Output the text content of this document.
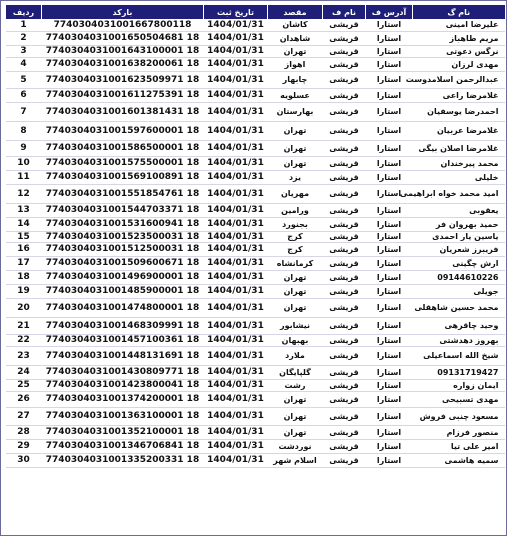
رديف	بارکد	تاریخ ثبت	مقصد	نام ف	آدرس ف	نام گ
1	7740304031001667800118	1404/01/31	کاشان	قریشی	استارا	علیرضا امینی
2	7740304031001650504681 18	1404/01/31	شاهدان	قریشی	استارا	مریم طاهباز
3	7740304031001643100001 18	1404/01/31	تهران	قریشی	استارا	نرگس دعوتی
4	7740304031001638200061 18	1404/01/31	اهواز	قریشی	استارا	مهدی لرزان
5	7740304031001623509971 18	1404/01/31	چابهار	قریشی	استارا	عبدالرحمن اسلامدوست
6	7740304031001611275391 18	1404/01/31	عسلویه	قریشی	استارا	غلامرضا راعی
7	7740304031001601381431 18	1404/01/31	بهارستان	قریشی	استارا	احمدرضا یوسفیان
8	7740304031001597600001 18	1404/01/31	تهران	قریشی	استارا	غلامرضا عربیان
9	7740304031001586500001 18	1404/01/31	تهران	قریشی	استارا	غلامرضا اصلان بیگی
10	7740304031001575500001 18	1404/01/31	تهران	قریشی	استارا	محمد پیرخندان
11	7740304031001569100891 18	1404/01/31	یزد	قریشی	استارا	خلیلی
12	7740304031001551854761 18	1404/01/31	مهریان	قریشی	استارا	امید محمد خواه ابراهیمی
13	7740304031001544703371 18	1404/01/31	ورامین	قریشی	استارا	یعقوبی
14	7740304031001531600941 18	1404/01/31	بجنورد	قریشی	استارا	حمید بهروان فر
15	7740304031001523500031 18	1404/01/31	کرج	قریشی	استارا	یاسین یار احمدی
16	7740304031001512500031 18	1404/01/31	کرج	قریشی	استارا	فریبرز شعریان
17	7740304031001509600671 18	1404/01/31	کرمانشاه	قریشی	استارا	ارش چگینی
18	7740304031001496900001 18	1404/01/31	تهران	قریشی	استارا	09144610226
19	7740304031001485900001 18	1404/01/31	تهران	قریشی	استارا	جویلی
20	7740304031001474800001 18	1404/01/31	تهران	قریشی	استارا	محمد حسین شاهقلی
21	7740304031001468309991 18	1404/01/31	نیشابور	قریشی	استارا	وحید چاقرهی
22	7740304031001457100361 18	1404/01/31	بهبهان	قریشی	استارا	بهروز دهدشتی
23	7740304031001448131691 18	1404/01/31	ملارد	قریشی	استارا	شیخ الله اسماعیلی
24	7740304031001430809771 18	1404/01/31	گلپایگان	قریشی	استارا	09131719427
25	7740304031001423800041 18	1404/01/31	رشت	قریشی	استارا	ایمان زواره
26	7740304031001374200001 18	1404/01/31	تهران	قریشی	استارا	مهدی تسبیحی
27	7740304031001363100001 18	1404/01/31	تهران	قریشی	استارا	مسعود چنبی فروش
28	7740304031001352100001 18	1404/01/31	تهران	قریشی	استارا	منصور فرزام
29	7740304031001346706841 18	1404/01/31	نوردشت	قریشی	استارا	امیر علی تیا
30	7740304031001335200331 18	1404/01/31	اسلام شهر	قریشی	استارا	سمیه هاشمی
